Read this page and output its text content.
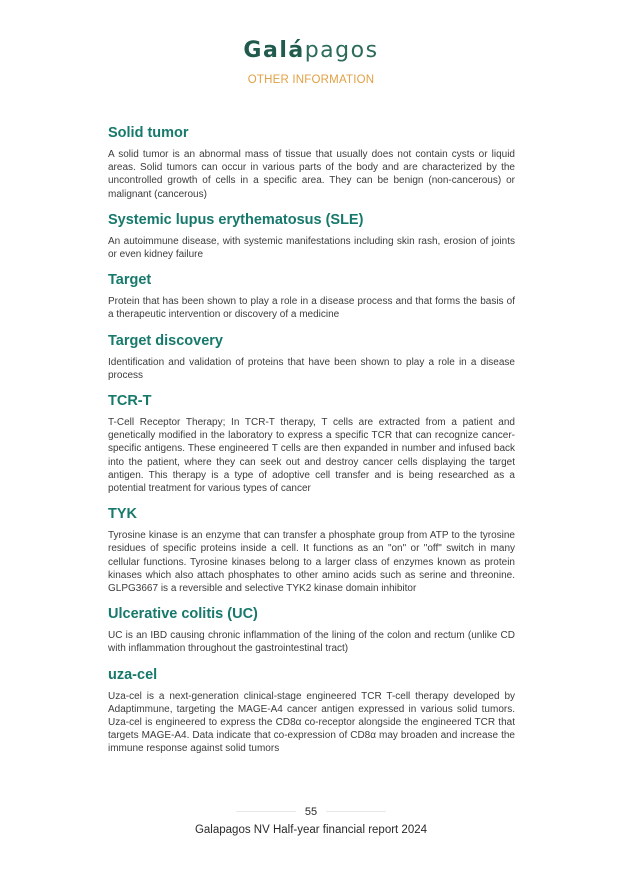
Galápagos
OTHER INFORMATION
Solid tumor

A solid tumor is an abnormal mass of tissue that usually does not contain cysts or liquid areas. Solid tumors can occur in various parts of the body and are characterized by the uncontrolled growth of cells in a specific area. They can be benign (non-cancerous) or malignant (cancerous)

Systemic lupus erythematosus (SLE)

An autoimmune disease, with systemic manifestations including skin rash, erosion of joints or even kidney failure

Target

Protein that has been shown to play a role in a disease process and that forms the basis of a therapeutic intervention or discovery of a medicine

Target discovery

Identification and validation of proteins that have been shown to play a role in a disease process

TCR-T

T-Cell Receptor Therapy; In TCR-T therapy, T cells are extracted from a patient and genetically modified in the laboratory to express a specific TCR that can recognize cancer-specific antigens. These engineered T cells are then expanded in number and infused back into the patient, where they can seek out and destroy cancer cells displaying the target antigen. This therapy is a type of adoptive cell transfer and is being researched as a potential treatment for various types of cancer

TYK

Tyrosine kinase is an enzyme that can transfer a phosphate group from ATP to the tyrosine residues of specific proteins inside a cell. It functions as an "on" or "off" switch in many cellular functions. Tyrosine kinases belong to a larger class of enzymes known as protein kinases which also attach phosphates to other amino acids such as serine and threonine. GLPG3667 is a reversible and selective TYK2 kinase domain inhibitor

Ulcerative colitis (UC)

UC is an IBD causing chronic inflammation of the lining of the colon and rectum (unlike CD with inflammation throughout the gastrointestinal tract)

uza-cel

Uza-cel is a next-generation clinical-stage engineered TCR T-cell therapy developed by Adaptimmune, targeting the MAGE-A4 cancer antigen expressed in various solid tumors. Uza-cel is engineered to express the CD8α co-receptor alongside the engineered TCR that targets MAGE-A4. Data indicate that co-expression of CD8α may broaden and increase the immune response against solid tumors

55
Galapagos NV Half-year financial report 2024
